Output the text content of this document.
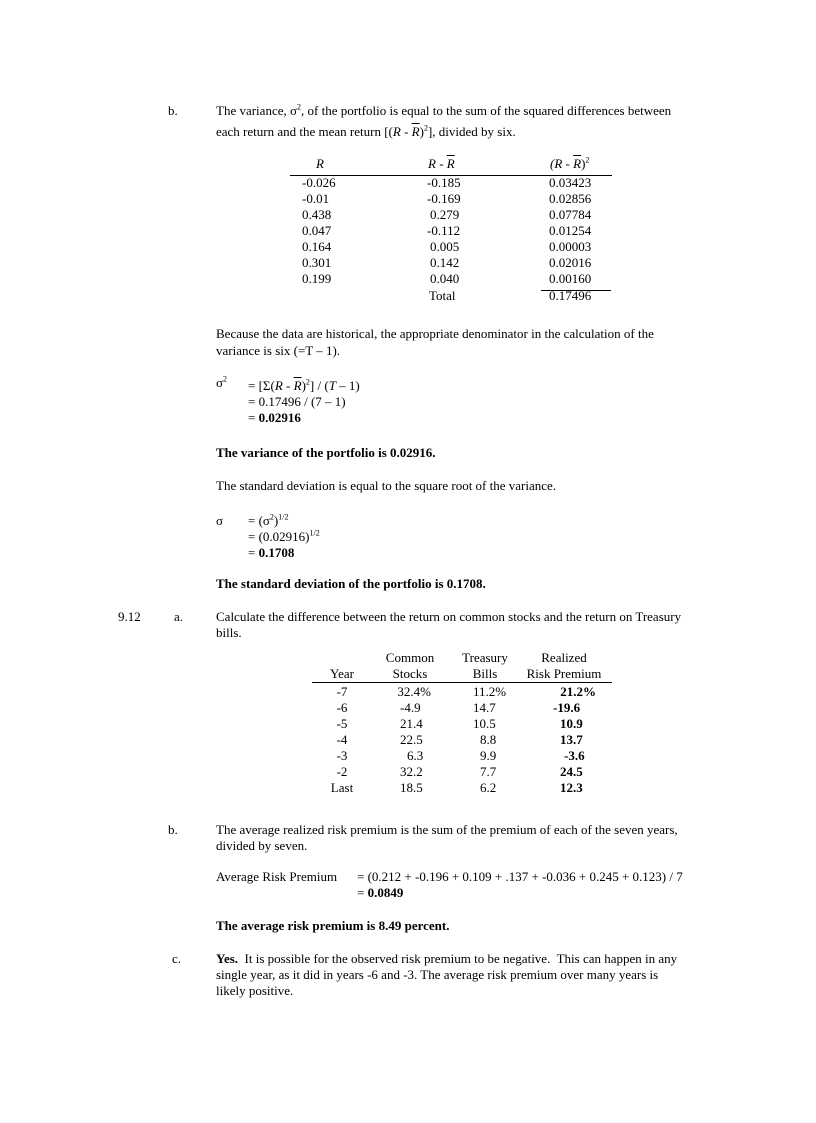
b.	The variance, $\sigma^2$, of the portfolio is equal to the sum of the squared differences between
each return and the mean return $[(R - \overline{R})^2]$, divided by six.
R	R - $\overline{R}$	$(R - \overline{R})^2$
-0.026	-0.185	0.03423
-0.01	-0.169	0.02856
0.438	0.279	0.07784
0.047	-0.112	0.01254
0.164	0.005	0.00003
0.301	0.142	0.02016
0.199	0.040	0.00160
Total	0.17496
Because the data are historical, the appropriate denominator in the calculation of the
variance is six (=T – 1).
$\sigma^2 = [\Sigma(R - \overline{R})^2] / (T - 1)$
= 0.17496 / (7 – 1)
= 0.02916
The variance of the portfolio is 0.02916.
The standard deviation is equal to the square root of the variance.
$\sigma = (\sigma^2)^{1/2}$
= $(0.02916)^{1/2}$
= 0.1708
The standard deviation of the portfolio is 0.1708.
9.12	a.	Calculate the difference between the return on common stocks and the return on Treasury
bills.
Common	Treasury	Realized
Year	Stocks	Bills	Risk Premium
-7	32.4%	11.2%	21.2%
-6	-4.9	14.7	-19.6
-5	21.4	10.5	10.9
-4	22.5	8.8	13.7
-3	6.3	9.9	-3.6
-2	32.2	7.7	24.5
Last	18.5	6.2	12.3
b.	The average realized risk premium is the sum of the premium of each of the seven years,
divided by seven.
Average Risk Premium = (0.212 + -0.196 + 0.109 + .137 + -0.036 + 0.245 + 0.123) / 7
= 0.0849
The average risk premium is 8.49 percent.
c.	Yes.  It is possible for the observed risk premium to be negative.  This can happen in any
single year, as it did in years -6 and -3. The average risk premium over many years is
likely positive.
